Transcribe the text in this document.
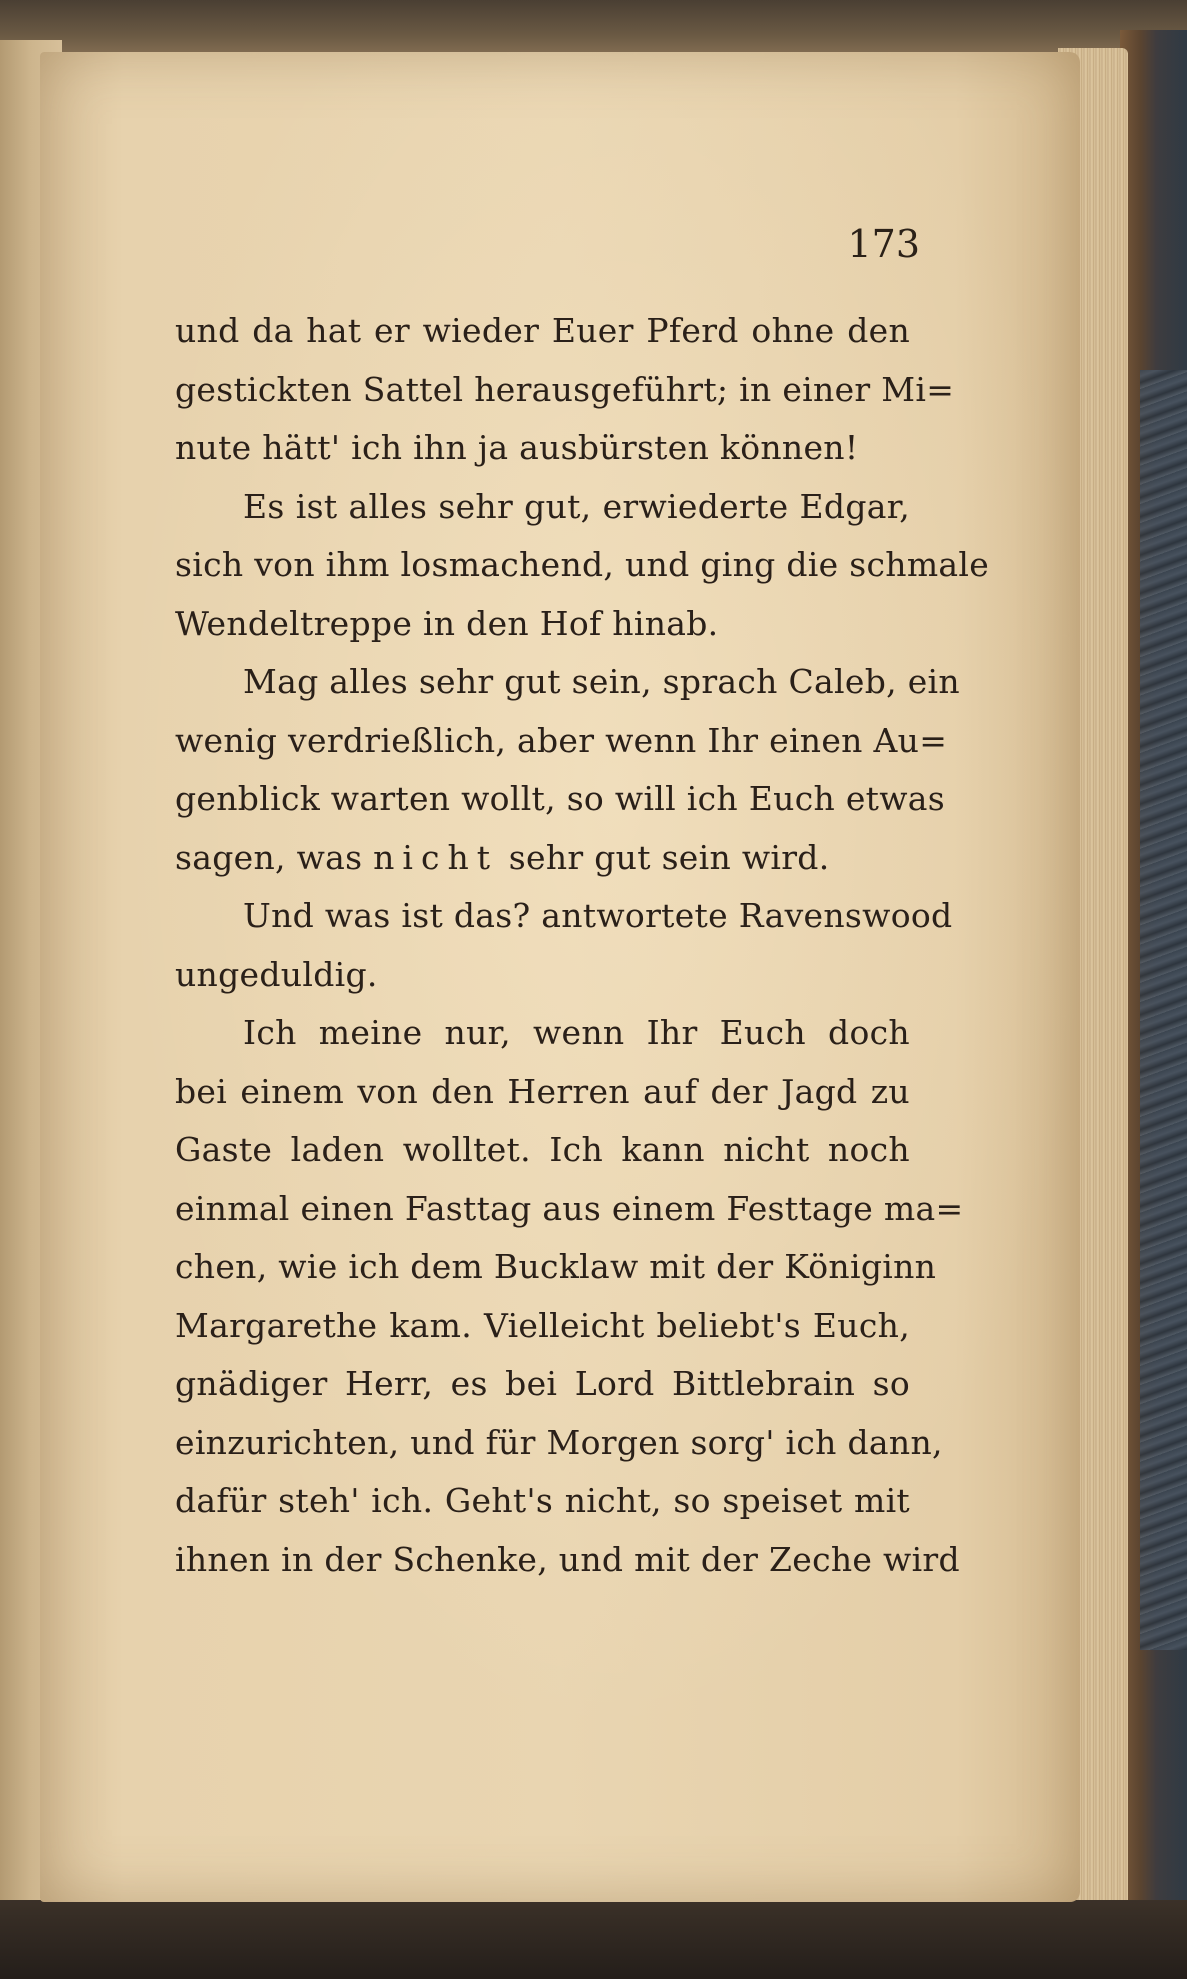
173
und da hat er wieder Euer Pferd ohne den
gestickten Sattel herausgeführt; in einer Mi=
nute hätt' ich ihn ja ausbürsten können!
Es ist alles sehr gut, erwiederte Edgar,
sich von ihm losmachend, und ging die schmale
Wendeltreppe in den Hof hinab.
Mag alles sehr gut sein, sprach Caleb, ein
wenig verdrießlich, aber wenn Ihr einen Au=
genblick warten wollt, so will ich Euch etwas
sagen, was nicht sehr gut sein wird.
Und was ist das? antwortete Ravenswood
ungeduldig.
Ich meine nur, wenn Ihr Euch doch
bei einem von den Herren auf der Jagd zu
Gaste laden wolltet. Ich kann nicht noch
einmal einen Fasttag aus einem Festtage ma=
chen, wie ich dem Bucklaw mit der Königinn
Margarethe kam. Vielleicht beliebt's Euch,
gnädiger Herr, es bei Lord Bittlebrain so
einzurichten, und für Morgen sorg' ich dann,
dafür steh' ich. Geht's nicht, so speiset mit
ihnen in der Schenke, und mit der Zeche wird
